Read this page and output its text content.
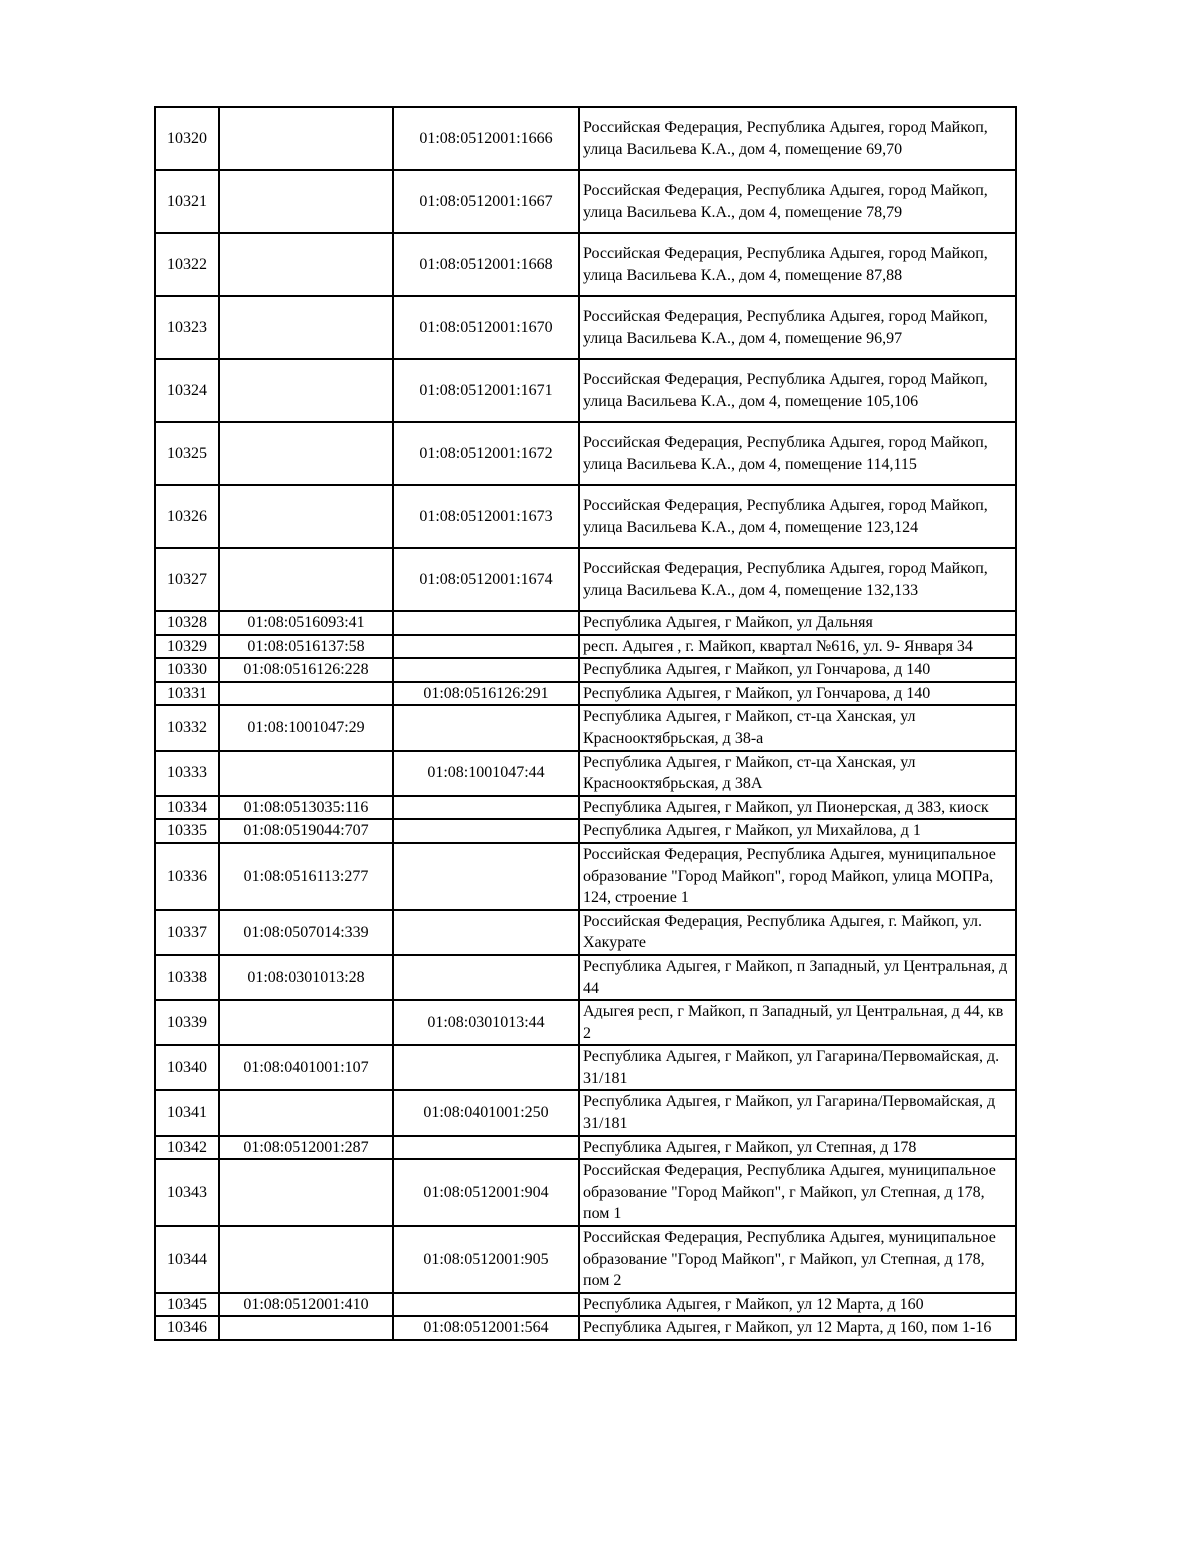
10320		01:08:0512001:1666	Российская Федерация, Республика Адыгея, город Майкоп, улица Васильева К.А., дом 4, помещение 69,70
10321		01:08:0512001:1667	Российская Федерация, Республика Адыгея, город Майкоп, улица Васильева К.А., дом 4, помещение 78,79
10322		01:08:0512001:1668	Российская Федерация, Республика Адыгея, город Майкоп, улица Васильева К.А., дом 4, помещение 87,88
10323		01:08:0512001:1670	Российская Федерация, Республика Адыгея, город Майкоп, улица Васильева К.А., дом 4, помещение 96,97
10324		01:08:0512001:1671	Российская Федерация, Республика Адыгея, город Майкоп, улица Васильева К.А., дом 4, помещение 105,106
10325		01:08:0512001:1672	Российская Федерация, Республика Адыгея, город Майкоп, улица Васильева К.А., дом 4, помещение 114,115
10326		01:08:0512001:1673	Российская Федерация, Республика Адыгея, город Майкоп, улица Васильева К.А., дом 4, помещение 123,124
10327		01:08:0512001:1674	Российская Федерация, Республика Адыгея, город Майкоп, улица Васильева К.А., дом 4, помещение 132,133
10328	01:08:0516093:41		Республика Адыгея, г Майкоп, ул Дальняя
10329	01:08:0516137:58		респ. Адыгея , г. Майкоп, квартал №616, ул. 9- Января 34
10330	01:08:0516126:228		Республика Адыгея, г Майкоп, ул Гончарова, д 140
10331		01:08:0516126:291	Республика Адыгея, г Майкоп, ул Гончарова, д 140
10332	01:08:1001047:29		Республика Адыгея, г Майкоп, ст-ца Ханская, ул Краснооктябрьская, д 38-а
10333		01:08:1001047:44	Республика Адыгея, г Майкоп, ст-ца Ханская, ул Краснооктябрьская, д 38А
10334	01:08:0513035:116		Республика Адыгея, г Майкоп, ул Пионерская, д 383, киоск
10335	01:08:0519044:707		Республика Адыгея, г Майкоп, ул Михайлова, д 1
10336	01:08:0516113:277		Российская Федерация, Республика Адыгея, муниципальное образование "Город Майкоп", город Майкоп, улица МОПРа, 124, строение 1
10337	01:08:0507014:339		Российская Федерация, Республика Адыгея, г. Майкоп, ул. Хакурате
10338	01:08:0301013:28		Республика Адыгея, г Майкоп, п Западный, ул Центральная, д 44
10339		01:08:0301013:44	Адыгея респ, г Майкоп, п Западный, ул Центральная, д 44, кв 2
10340	01:08:0401001:107		Республика Адыгея, г Майкоп, ул Гагарина/Первомайская, д. 31/181
10341		01:08:0401001:250	Республика Адыгея, г Майкоп, ул Гагарина/Первомайская, д 31/181
10342	01:08:0512001:287		Республика Адыгея, г Майкоп, ул Степная, д 178
10343		01:08:0512001:904	Российская Федерация, Республика Адыгея, муниципальное образование "Город Майкоп", г Майкоп, ул Степная, д 178, пом 1
10344		01:08:0512001:905	Российская Федерация, Республика Адыгея, муниципальное образование "Город Майкоп", г Майкоп, ул Степная, д 178, пом 2
10345	01:08:0512001:410		Республика Адыгея, г Майкоп, ул 12 Марта, д 160
10346		01:08:0512001:564	Республика Адыгея, г Майкоп, ул 12 Марта, д 160, пом 1-16
